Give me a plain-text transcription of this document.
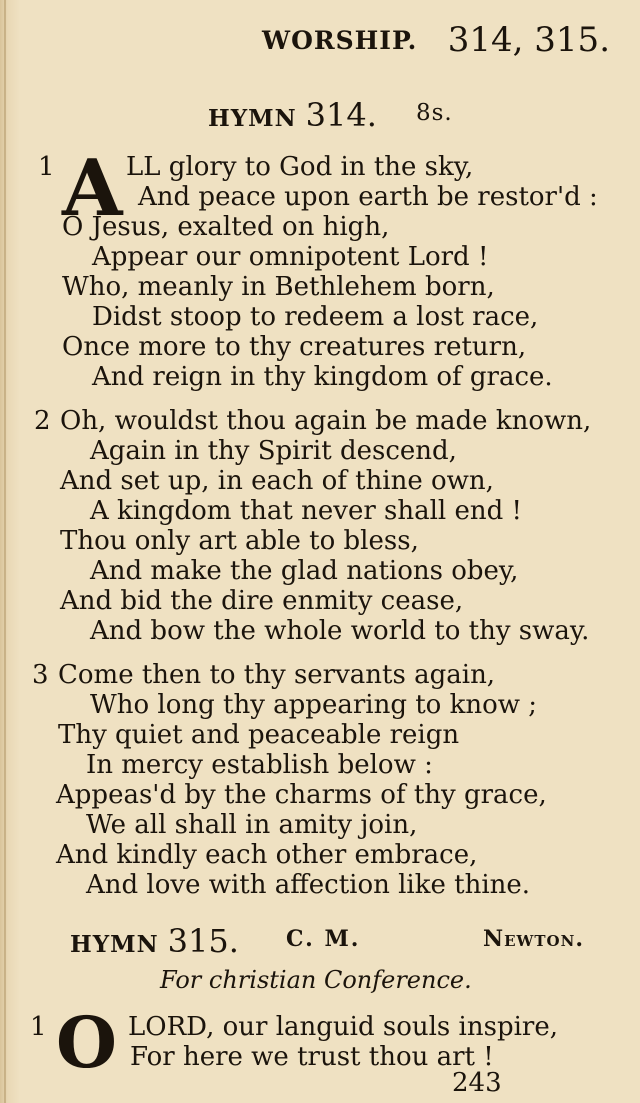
WORSHIP. 314, 315.
HYMN 314. 8s.
1 A LL glory to God in the sky,
And peace upon earth be restor'd :
O Jesus, exalted on high,
Appear our omnipotent Lord !
Who, meanly in Bethlehem born,
Didst stoop to redeem a lost race,
Once more to thy creatures return,
And reign in thy kingdom of grace.
2 Oh, wouldst thou again be made known,
Again in thy Spirit descend,
And set up, in each of thine own,
A kingdom that never shall end !
Thou only art able to bless,
And make the glad nations obey,
And bid the dire enmity cease,
And bow the whole world to thy sway.
3 Come then to thy servants again,
Who long thy appearing to know ;
Thy quiet and peaceable reign
In mercy establish below :
Appeas'd by the charms of thy grace,
We all shall in amity join,
And kindly each other embrace,
And love with affection like thine.
HYMN 315. C. M.	Newton.
For christian Conference.
1 O LORD, our languid souls inspire,
For here we trust thou art !
243
